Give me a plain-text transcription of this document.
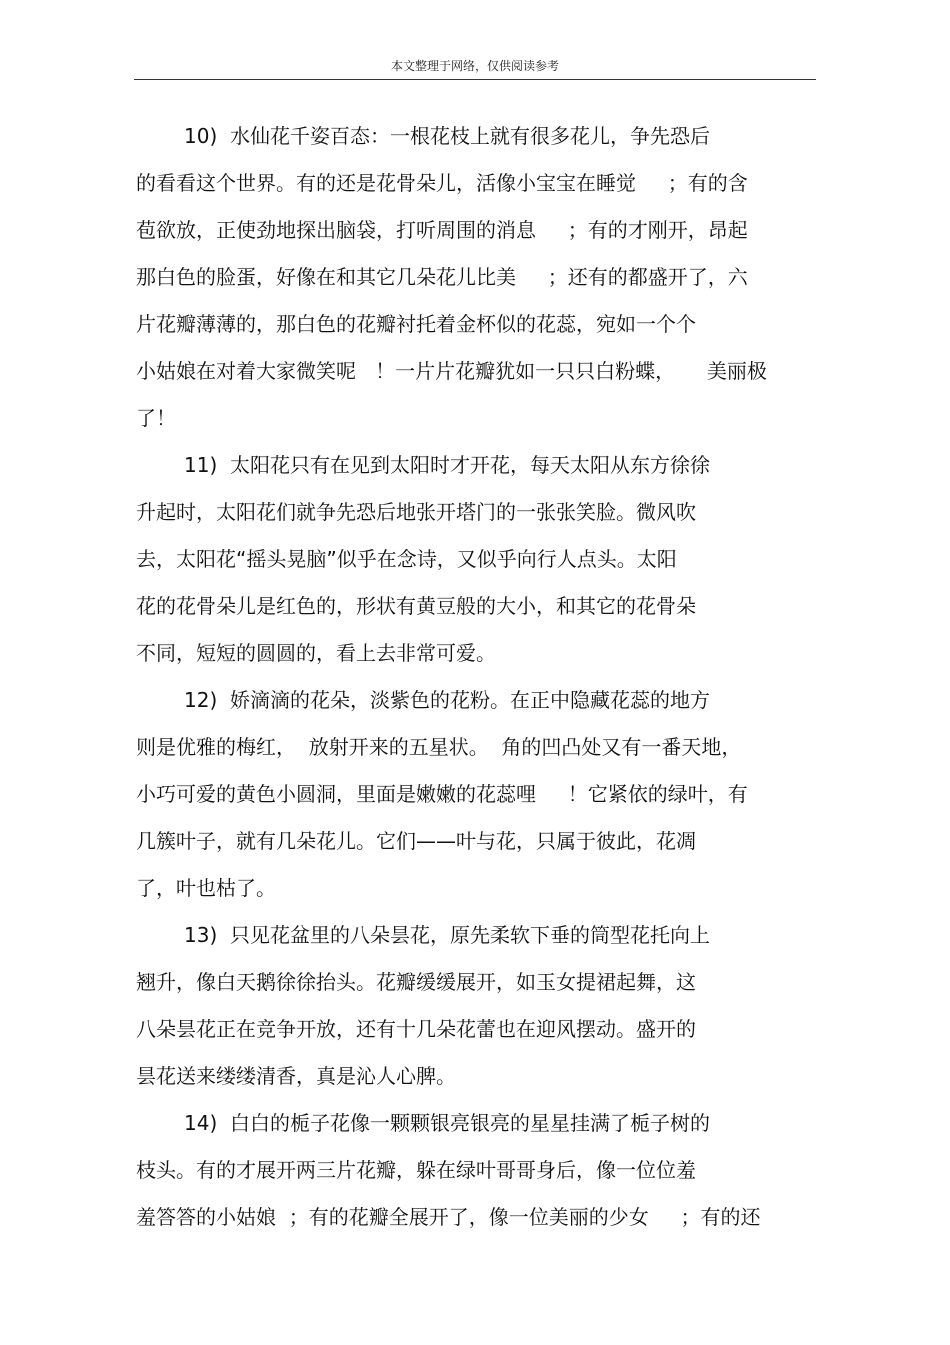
本文整理于网络，仅供阅读参考
10)  水仙花千姿百态：一根花枝上就有很多花儿，争先恐后
的看看这个世界。有的还是花骨朵儿，活像小宝宝在睡觉     ；有的含
苞欲放，正使劲地探出脑袋，打听周围的消息     ；有的才刚开，昂起
那白色的脸蛋，好像在和其它几朵花儿比美     ；还有的都盛开了，六
片花瓣薄薄的，那白色的花瓣衬托着金杯似的花蕊，宛如一个个
小姑娘在对着大家微笑呢   ！一片片花瓣犹如一只只白粉蝶，     美丽极
了！
11)  太阳花只有在见到太阳时才开花，每天太阳从东方徐徐
升起时，太阳花们就争先恐后地张开塔门的一张张笑脸。微风吹
去，太阳花“摇头晃脑”似乎在念诗，又似乎向行人点头。太阳
花的花骨朵儿是红色的，形状有黄豆般的大小，和其它的花骨朵
不同，短短的圆圆的，看上去非常可爱。
12)  娇滴滴的花朵，淡紫色的花粉。在正中隐藏花蕊的地方
则是优雅的梅红，  放射开来的五星状。  角的凹凸处又有一番天地，
小巧可爱的黄色小圆洞，里面是嫩嫩的花蕊哩     ！它紧依的绿叶，有
几簇叶子，就有几朵花儿。它们——叶与花，只属于彼此，花凋
了，叶也枯了。
13)  只见花盆里的八朵昙花，原先柔软下垂的筒型花托向上
翘升，像白天鹅徐徐抬头。花瓣缓缓展开，如玉女提裙起舞，这
八朵昙花正在竞争开放，还有十几朵花蕾也在迎风摆动。盛开的
昙花送来缕缕清香，真是沁人心脾。
14)  白白的栀子花像一颗颗银亮银亮的星星挂满了栀子树的
枝头。有的才展开两三片花瓣，躲在绿叶哥哥身后，像一位位羞
羞答答的小姑娘  ；有的花瓣全展开了，像一位美丽的少女     ；有的还
